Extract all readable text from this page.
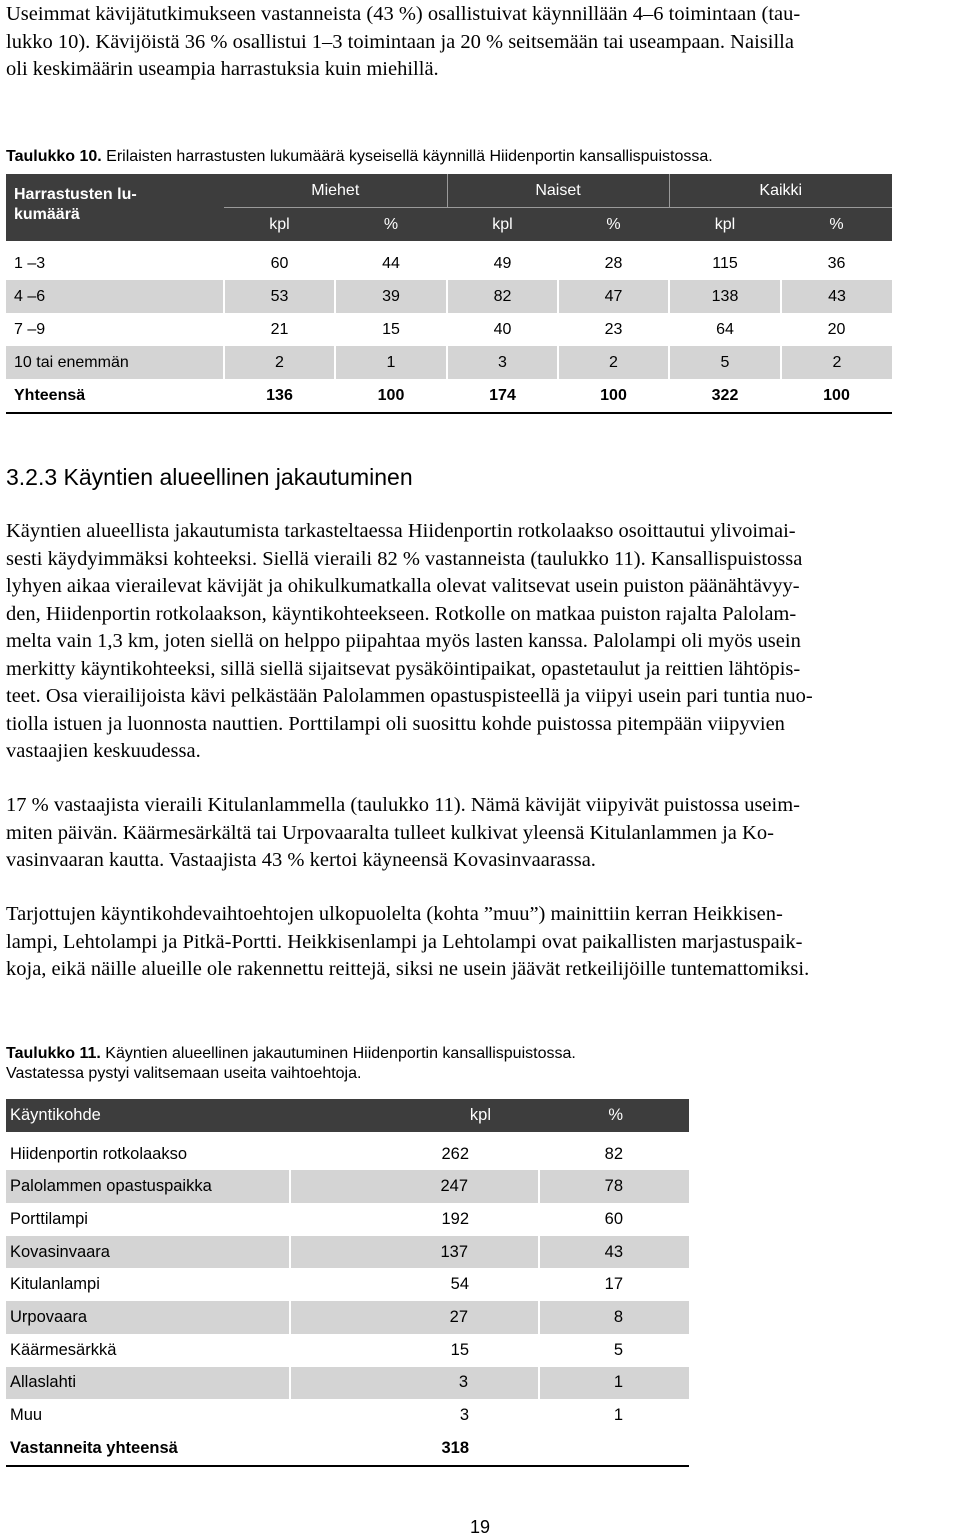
Useimmat kävijätutkimukseen vastanneista (43 %) osallistuivat käynnillään 4–6 toimintaan (tau-
lukko 10). Kävijöistä 36 % osallistui 1–3 toimintaan ja 20 % seitsemään tai useampaan. Naisilla
oli keskimäärin useampia harrastuksia kuin miehillä.
Taulukko 10. Erilaisten harrastusten lukumäärä kyseisellä käynnillä Hiidenportin kansallispuistossa.
Harrastusten lu-
kumäärä	Miehet		Naiset		Kaikki	
	kpl	%	kpl	%	kpl	%

1 –3	60	44	49	28	115	36
4 –6	53	39	82	47	138	43
7 –9	21	15	40	23	64	20
10 tai enemmän	2	1	3	2	5	2
Yhteensä	136	100	174	100	322	100
3.2.3 Käyntien alueellinen jakautuminen
Käyntien alueellista jakautumista tarkasteltaessa Hiidenportin rotkolaakso osoittautui ylivoimai-
sesti käydyimmäksi kohteeksi. Siellä vieraili 82 % vastanneista (taulukko 11). Kansallispuistossa
lyhyen aikaa vierailevat kävijät ja ohikulkumatkalla olevat valitsevat usein puiston päänähtävyy-
den, Hiidenportin rotkolaakson, käyntikohteekseen. Rotkolle on matkaa puiston rajalta Palolam-
melta vain 1,3 km, joten siellä on helppo piipahtaa myös lasten kanssa. Palolampi oli myös usein
merkitty käyntikohteeksi, sillä siellä sijaitsevat pysäköintipaikat, opastetaulut ja reittien lähtöpis-
teet. Osa vierailijoista kävi pelkästään Palolammen opastuspisteellä ja viipyi usein pari tuntia nuo-
tiolla istuen ja luonnosta nauttien. Porttilampi oli suosittu kohde puistossa pitempään viipyvien
vastaajien keskuudessa.
17 % vastaajista vieraili Kitulanlammella (taulukko 11). Nämä kävijät viipyivät puistossa useim-
miten päivän. Käärmesärkältä tai Urpovaaralta tulleet kulkivat yleensä Kitulanlammen ja Ko-
vasinvaaran kautta. Vastaajista 43 % kertoi käyneensä Kovasinvaarassa.
Tarjottujen käyntikohdevaihtoehtojen ulkopuolelta (kohta ”muu”) mainittiin kerran Heikkisen-
lampi, Lehtolampi ja Pitkä-Portti. Heikkisenlampi ja Lehtolampi ovat paikallisten marjastuspaik-
koja, eikä näille alueille ole rakennettu reittejä, siksi ne usein jäävät retkeilijöille tuntemattomiksi.
Taulukko 11. Käyntien alueellinen jakautuminen Hiidenportin kansallispuistossa.
Vastatessa pystyi valitsemaan useita vaihtoehtoja.
Käyntikohde	kpl	%

Hiidenportin rotkolaakso	262	82
Palolammen opastuspaikka	247	78
Porttilampi	192	60
Kovasinvaara	137	43
Kitulanlampi	54	17
Urpovaara	27	8
Käärmesärkkä	15	5
Allaslahti	3	1
Muu	3	1
Vastanneita yhteensä	318	
19
